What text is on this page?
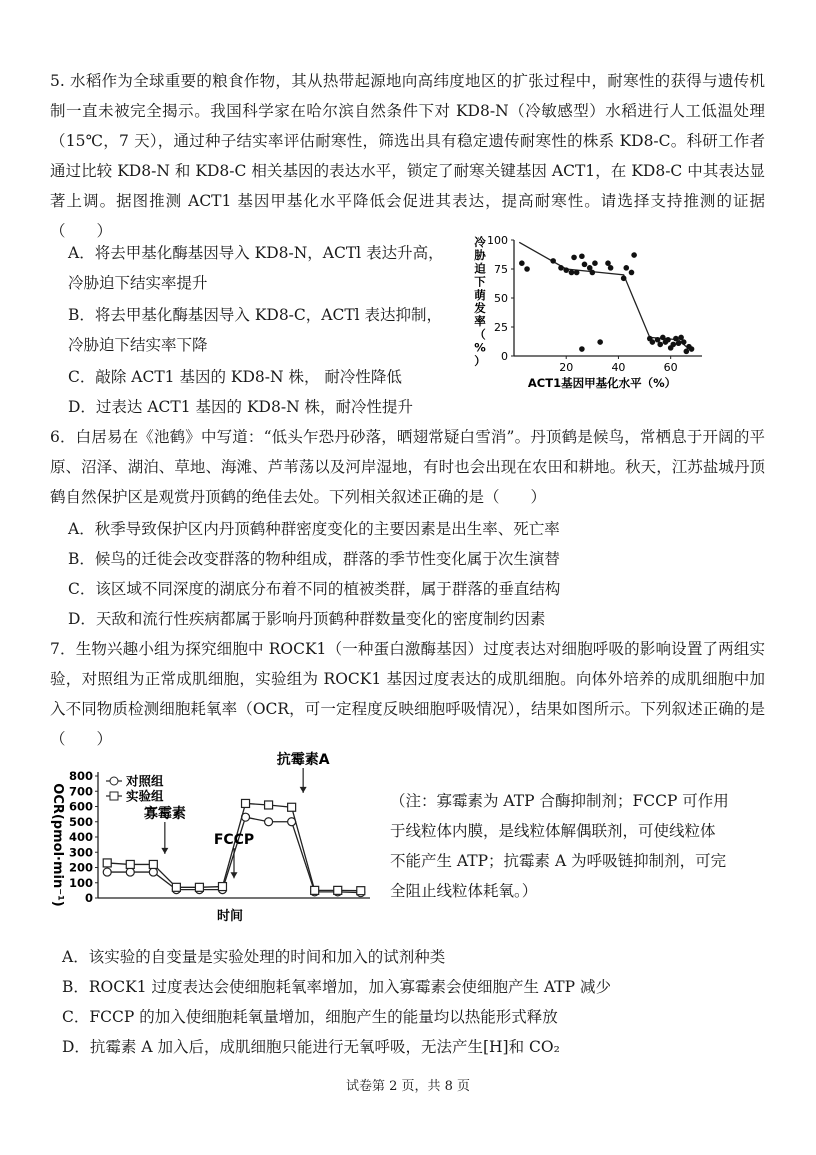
5. 水稻作为全球重要的粮食作物，其从热带起源地向高纬度地区的扩张过程中，耐寒性的获得与遗传机制一直未被完全揭示。我国科学家在哈尔滨自然条件下对 KD8-N（冷敏感型）水稻进行人工低温处理（15℃，7 天），通过种子结实率评估耐寒性，筛选出具有稳定遗传耐寒性的株系 KD8-C。科研工作者通过比较 KD8-N 和 KD8-C 相关基因的表达水平，锁定了耐寒关键基因 ACT1，在 KD8-C 中其表达显著上调。据图推测 ACT1 基因甲基化水平降低会促进其表达，提高耐寒性。请选择支持推测的证据（　　）

A．将去甲基化酶基因导入 KD8-N，ACTl 表达升高，冷胁迫下结实率提升

B．将去甲基化酶基因导入 KD8-C，ACTl 表达抑制，冷胁迫下结实率下降

C．敲除 ACT1 基因的 KD8-N 株， 耐冷性降低

D．过表达 ACT1 基因的 KD8-N 株，耐冷性提升

0
25
50
75
100
20	40	60
冷
胁
迫
下
萌
发
率
（
%
）
ACT1基因甲基化水平（%）

6．白居易在《池鹤》中写道：“低头乍恐丹砂落，晒翅常疑白雪消”。丹顶鹤是候鸟，常栖息于开阔的平原、沼泽、湖泊、草地、海滩、芦苇荡以及河岸湿地，有时也会出现在农田和耕地。秋天，江苏盐城丹顶鹤自然保护区是观赏丹顶鹤的绝佳去处。下列相关叙述正确的是（　　）

A．秋季导致保护区内丹顶鹤种群密度变化的主要因素是出生率、死亡率

B．候鸟的迁徙会改变群落的物种组成，群落的季节性变化属于次生演替

C．该区域不同深度的湖底分布着不同的植被类群，属于群落的垂直结构

D．天敌和流行性疾病都属于影响丹顶鹤种群数量变化的密度制约因素

7．生物兴趣小组为探究细胞中 ROCK1（一种蛋白激酶基因）过度表达对细胞呼吸的影响设置了两组实验，对照组为正常成肌细胞，实验组为 ROCK1 基因过度表达的成肌细胞。向体外培养的成肌细胞中加入不同物质检测细胞耗氧率（OCR，可一定程度反映细胞呼吸情况），结果如图所示。下列叙述正确的是（　　）

0
100
200
300
400
500
600
700
800
寡霉素
FCCP
抗霉素A
对照组
实验组
OCR(pmol·min⁻¹)
时间

（注：寡霉素为 ATP 合酶抑制剂；FCCP 可作用于线粒体内膜，是线粒体解偶联剂，可使线粒体不能产生 ATP；抗霉素 A 为呼吸链抑制剂，可完全阻止线粒体耗氧。）

A．该实验的自变量是实验处理的时间和加入的试剂种类

B．ROCK1 过度表达会使细胞耗氧率增加，加入寡霉素会使细胞产生 ATP 减少

C．FCCP 的加入使细胞耗氧量增加，细胞产生的能量均以热能形式释放

D．抗霉素 A 加入后，成肌细胞只能进行无氧呼吸，无法产生[H]和 CO₂

试卷第 2 页，共 8 页
